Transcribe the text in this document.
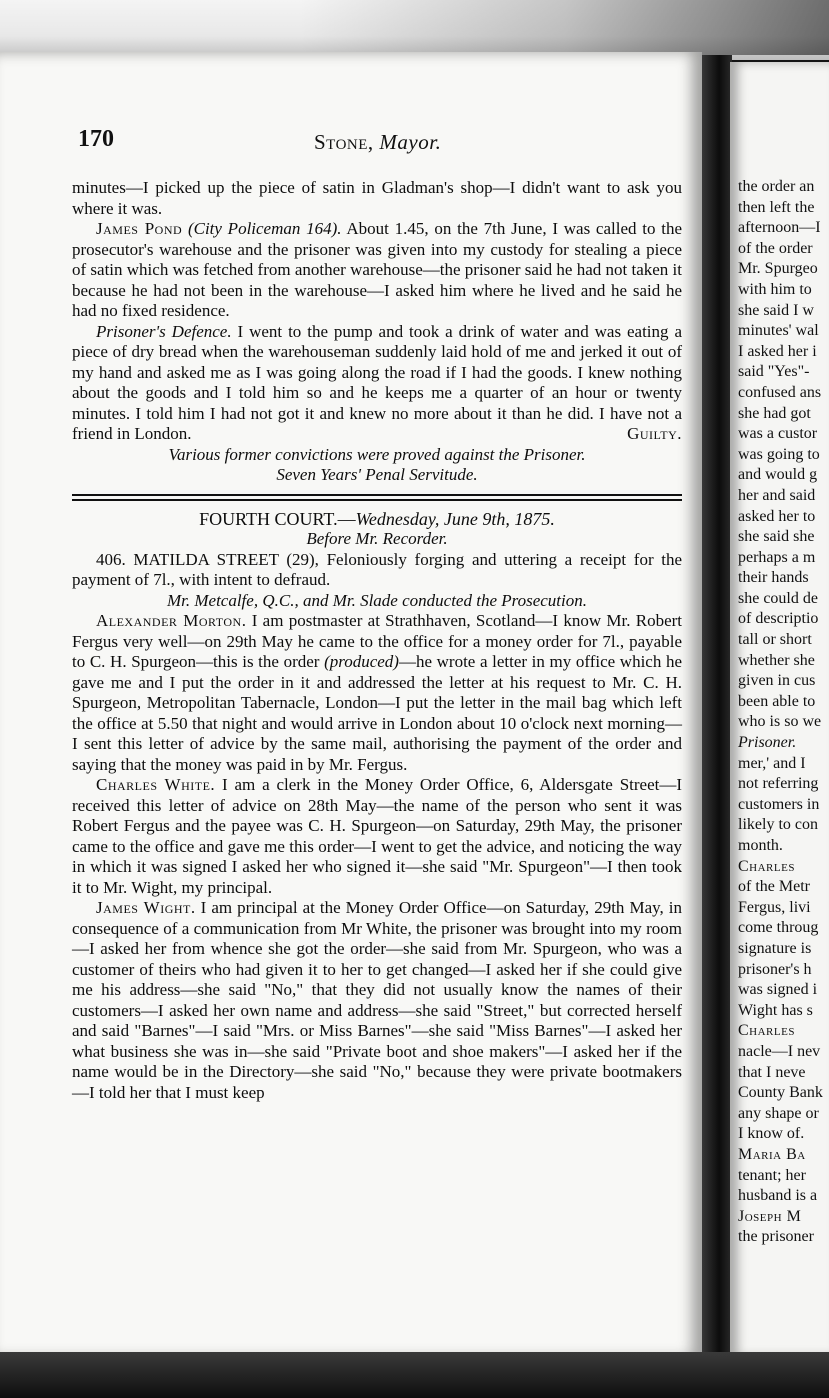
170	Stone, Mayor.

minutes—I picked up the piece of satin in Gladman's shop—I didn't want to ask you where it was.

James Pond (City Policeman 164). About 1.45, on the 7th June, I was called to the prosecutor's warehouse and the prisoner was given into my custody for stealing a piece of satin which was fetched from another warehouse—the prisoner said he had not taken it because he had not been in the warehouse—I asked him where he lived and he said he had no fixed residence.

Prisoner's Defence. I went to the pump and took a drink of water and was eating a piece of dry bread when the warehouseman suddenly laid hold of me and jerked it out of my hand and asked me as I was going along the road if I had the goods. I knew nothing about the goods and I told him so and he keeps me a quarter of an hour or twenty minutes. I told him I had not got it and knew no more about it than he did. I have not a friend in London.	Guilty.

Various former convictions were proved against the Prisoner.

Seven Years' Penal Servitude.

FOURTH COURT.—Wednesday, June 9th, 1875.

Before Mr. Recorder.

406. MATILDA STREET (29), Feloniously forging and uttering a receipt for the payment of 7l., with intent to defraud.

Mr. Metcalfe, Q.C., and Mr. Slade conducted the Prosecution.

Alexander Morton. I am postmaster at Strathhaven, Scotland—I know Mr. Robert Fergus very well—on 29th May he came to the office for a money order for 7l., payable to C. H. Spurgeon—this is the order (produced)—he wrote a letter in my office which he gave me and I put the order in it and addressed the letter at his request to Mr. C. H. Spurgeon, Metropolitan Tabernacle, London—I put the letter in the mail bag which left the office at 5.50 that night and would arrive in London about 10 o'clock next morning—I sent this letter of advice by the same mail, authorising the payment of the order and saying that the money was paid in by Mr. Fergus.

Charles White. I am a clerk in the Money Order Office, 6, Aldersgate Street—I received this letter of advice on 28th May—the name of the person who sent it was Robert Fergus and the payee was C. H. Spurgeon—on Saturday, 29th May, the prisoner came to the office and gave me this order—I went to get the advice, and noticing the way in which it was signed I asked her who signed it—she said "Mr. Spurgeon"—I then took it to Mr. Wight, my principal.

James Wight. I am principal at the Money Order Office—on Saturday, 29th May, in consequence of a communication from Mr White, the prisoner was brought into my room—I asked her from whence she got the order—she said from Mr. Spurgeon, who was a customer of theirs who had given it to her to get changed—I asked her if she could give me his address—she said "No," that they did not usually know the names of their customers—I asked her own name and address—she said "Street," but corrected herself and said "Barnes"—I said "Mrs. or Miss Barnes"—she said "Miss Barnes"—I asked her what business she was in—she said "Private boot and shoe makers"—I asked her if the name would be in the Directory—she said "No," because they were private bootmakers—I told her that I must keep

the order an
then left the
afternoon—I
of the order
Mr. Spurgeo
with him to
she said I w
minutes' wal
I asked her i
said "Yes"-
confused ans
she had got
was a custor
was going to
and would g
her and said
asked her to
she said she
perhaps a m
their hands
she could de
of descriptio
tall or short
whether she
given in cus
been able to
who is so we
Prisoner.
mer,' and I
not referring
customers in
likely to con
month.
Charles
of the Metr
Fergus, livi
come throug
signature is
prisoner's h
was signed i
Wight has s
Charles
nacle—I nev
that I neve
County Bank
any shape or
I know of.
Maria Ba
tenant; her
husband is a
Joseph M
the prisoner
